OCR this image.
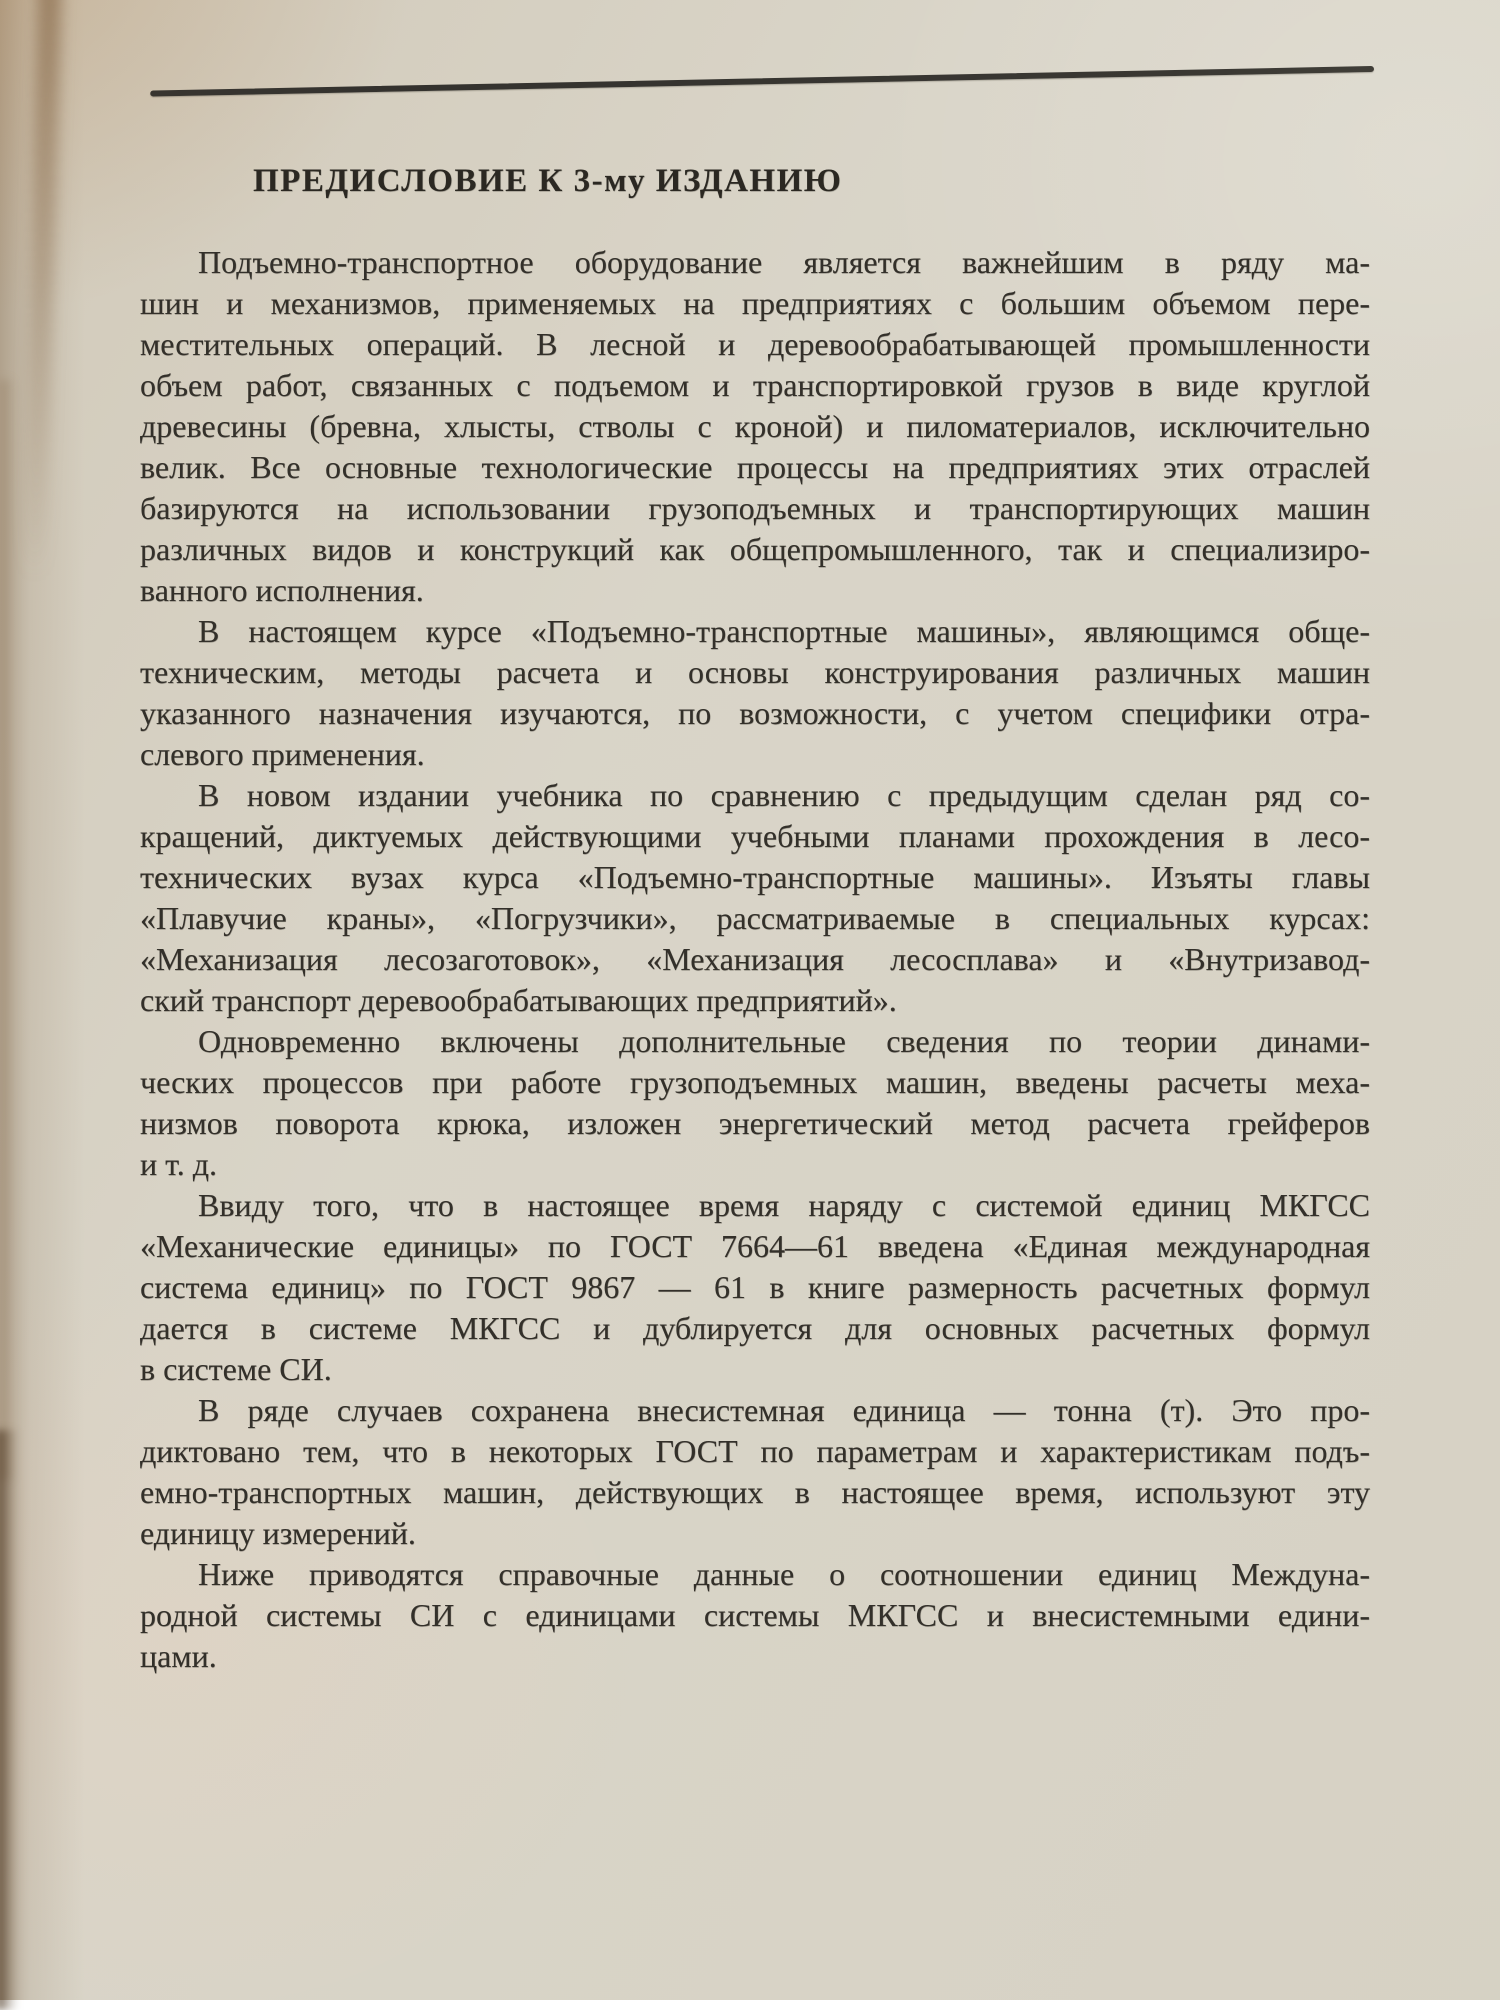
ПРЕДИСЛОВИЕ К 3-му ИЗДАНИЮ
Подъемно-транспортное оборудование является важнейшим в ряду ма-
шин и механизмов, применяемых на предприятиях с большим объемом пере-
местительных операций. В лесной и деревообрабатывающей промышленности
объем работ, связанных с подъемом и транспортировкой грузов в виде круглой
древесины (бревна, хлысты, стволы с кроной) и пиломатериалов, исключительно
велик. Все основные технологические процессы на предприятиях этих отраслей
базируются на использовании грузоподъемных и транспортирующих машин
различных видов и конструкций как общепромышленного, так и специализиро-
ванного исполнения.
В настоящем курсе «Подъемно-транспортные машины», являющимся обще-
техническим, методы расчета и основы конструирования различных машин
указанного назначения изучаются, по возможности, с учетом специфики отра-
слевого применения.
В новом издании учебника по сравнению с предыдущим сделан ряд со-
кращений, диктуемых действующими учебными планами прохождения в лесо-
технических вузах курса «Подъемно-транспортные машины». Изъяты главы
«Плавучие краны», «Погрузчики», рассматриваемые в специальных курсах:
«Механизация лесозаготовок», «Механизация лесосплава» и «Внутризавод-
ский транспорт деревообрабатывающих предприятий».
Одновременно включены дополнительные сведения по теории динами-
ческих процессов при работе грузоподъемных машин, введены расчеты меха-
низмов поворота крюка, изложен энергетический метод расчета грейферов
и т. д.
Ввиду того, что в настоящее время наряду с системой единиц МКГСС
«Механические единицы» по ГОСТ 7664—61 введена «Единая международная
система единиц» по ГОСТ 9867 — 61 в книге размерность расчетных формул
дается в системе МКГСС и дублируется для основных расчетных формул
в системе СИ.
В ряде случаев сохранена внесистемная единица — тонна (т). Это про-
диктовано тем, что в некоторых ГОСТ по параметрам и характеристикам подъ-
емно-транспортных машин, действующих в настоящее время, используют эту
единицу измерений.
Ниже приводятся справочные данные о соотношении единиц Междуна-
родной системы СИ с единицами системы МКГСС и внесистемными едини-
цами.
